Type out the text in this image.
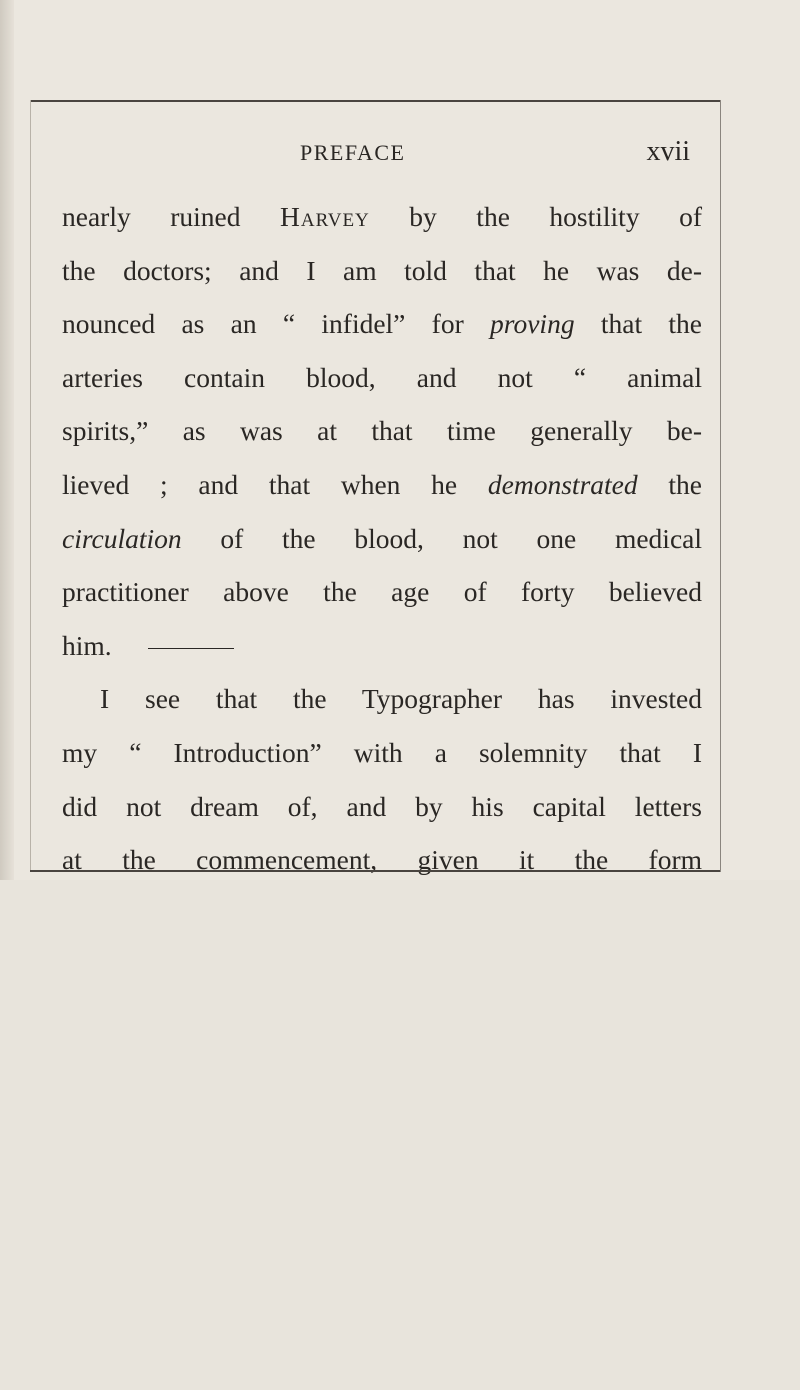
PREFACE	xvii
nearly ruined Harvey by the hostility of
the doctors; and I am told that he was de-
nounced as an “ infidel” for proving that the
arteries contain blood, and not “ animal
spirits,” as was at that time generally be-
lieved ; and that when he demonstrated the
circulation of the blood, not one medical
practitioner above the age of forty believed
him.
I see that the Typographer has invested
my “ Introduction” with a solemnity that I
did not dream of, and by his capital letters
at the commencement, given it the form
